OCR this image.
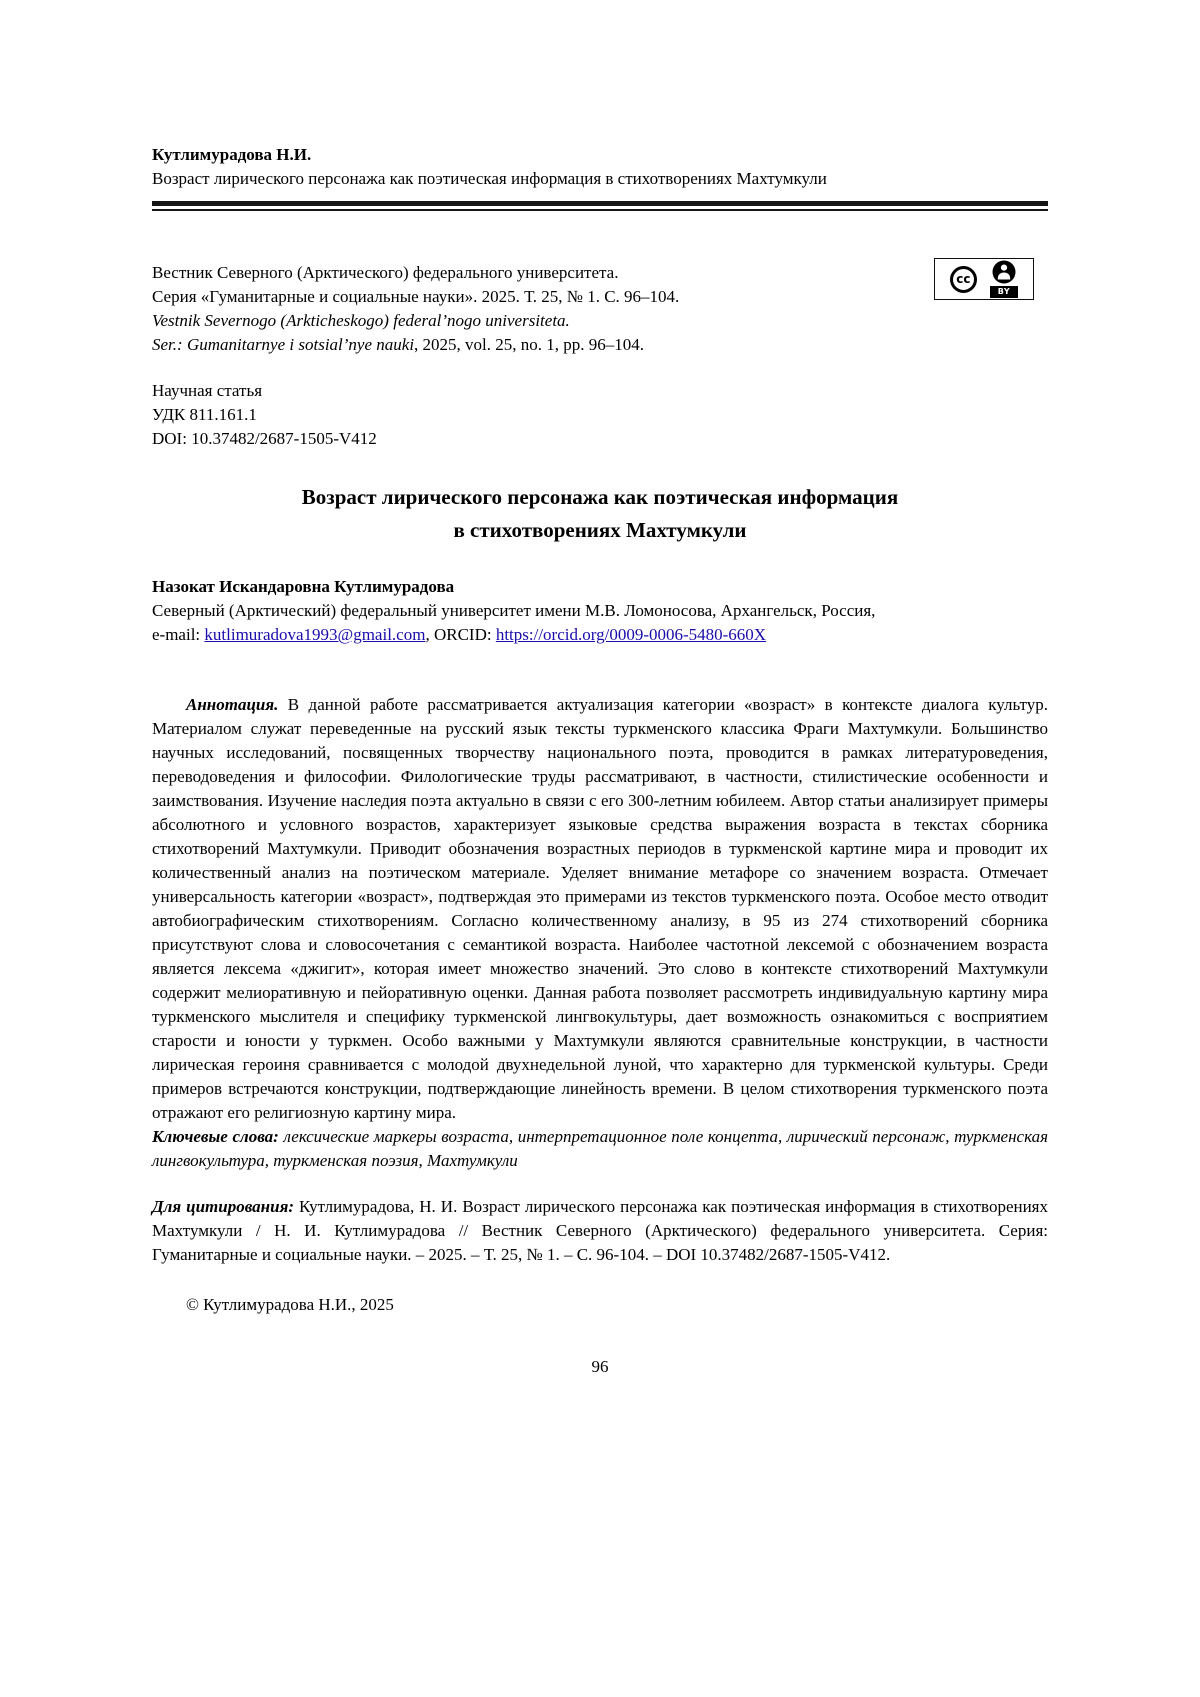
Кутлимурадова Н.И.

Возраст лирического персонажа как поэтическая информация в стихотворениях Махтумкули

Вестник Северного (Арктического) федерального университета.

Серия «Гуманитарные и социальные науки». 2025. Т. 25, № 1. С. 96–104.

Vestnik Severnogo (Arkticheskogo) federal’nogo universiteta.

Ser.: Gumanitarnye i sotsial’nye nauki, 2025, vol. 25, no. 1, pp. 96–104.

cc
BY

Научная статья

УДК 811.161.1

DOI: 10.37482/2687-1505-V412

Возраст лирического персонажа как поэтическая информация
в стихотворениях Махтумкули

Назокат Искандаровна Кутлимурадова

Северный (Арктический) федеральный университет имени М.В. Ломоносова, Архангельск, Россия,

e-mail: kutlimuradova1993@gmail.com, ORCID: https://orcid.org/0009-0006-5480-660X

Аннотация. В данной работе рассматривается актуализация категории «возраст» в контексте диалога культур. Материалом служат переведенные на русский язык тексты туркменского классика Фраги Махтумкули. Большинство научных исследований, посвященных творчеству национального поэта, проводится в рамках литературоведения, переводоведения и философии. Филологические труды рассматривают, в частности, стилистические особенности и заимствования. Изучение наследия поэта актуально в связи с его 300-летним юбилеем. Автор статьи анализирует примеры абсолютного и условного возрастов, характеризует языковые средства выражения возраста в текстах сборника стихотворений Махтумкули. Приводит обозначения возрастных периодов в туркменской картине мира и проводит их количественный анализ на поэтическом материале. Уделяет внимание метафоре со значением возраста. Отмечает универсальность категории «возраст», подтверждая это примерами из текстов туркменского поэта. Особое место отводит автобиографическим стихотворениям. Согласно количественному анализу, в 95 из 274 стихотворений сборника присутствуют слова и словосочетания с семантикой возраста. Наиболее частотной лексемой с обозначением возраста является лексема «джигит», которая имеет множество значений. Это слово в контексте стихотворений Махтумкули содержит мелиоративную и пейоративную оценки. Данная работа позволяет рассмотреть индивидуальную картину мира туркменского мыслителя и специфику туркменской лингвокультуры, дает возможность ознакомиться с восприятием старости и юности у туркмен. Особо важными у Махтумкули являются сравнительные конструкции, в частности лирическая героиня сравнивается с молодой двухнедельной луной, что характерно для туркменской культуры. Среди примеров встречаются конструкции, подтверждающие линейность времени. В целом стихотворения туркменского поэта отражают его религиозную картину мира.

Ключевые слова: лексические маркеры возраста, интерпретационное поле концепта, лирический персонаж, туркменская лингвокультура, туркменская поэзия, Махтумкули

Для цитирования: Кутлимурадова, Н. И. Возраст лирического персонажа как поэтическая информация в стихотворениях Махтумкули / Н. И. Кутлимурадова // Вестник Северного (Арктического) федерального университета. Серия: Гуманитарные и социальные науки. – 2025. – Т. 25, № 1. – С. 96-104. – DOI 10.37482/2687-1505-V412.

© Кутлимурадова Н.И., 2025

96
